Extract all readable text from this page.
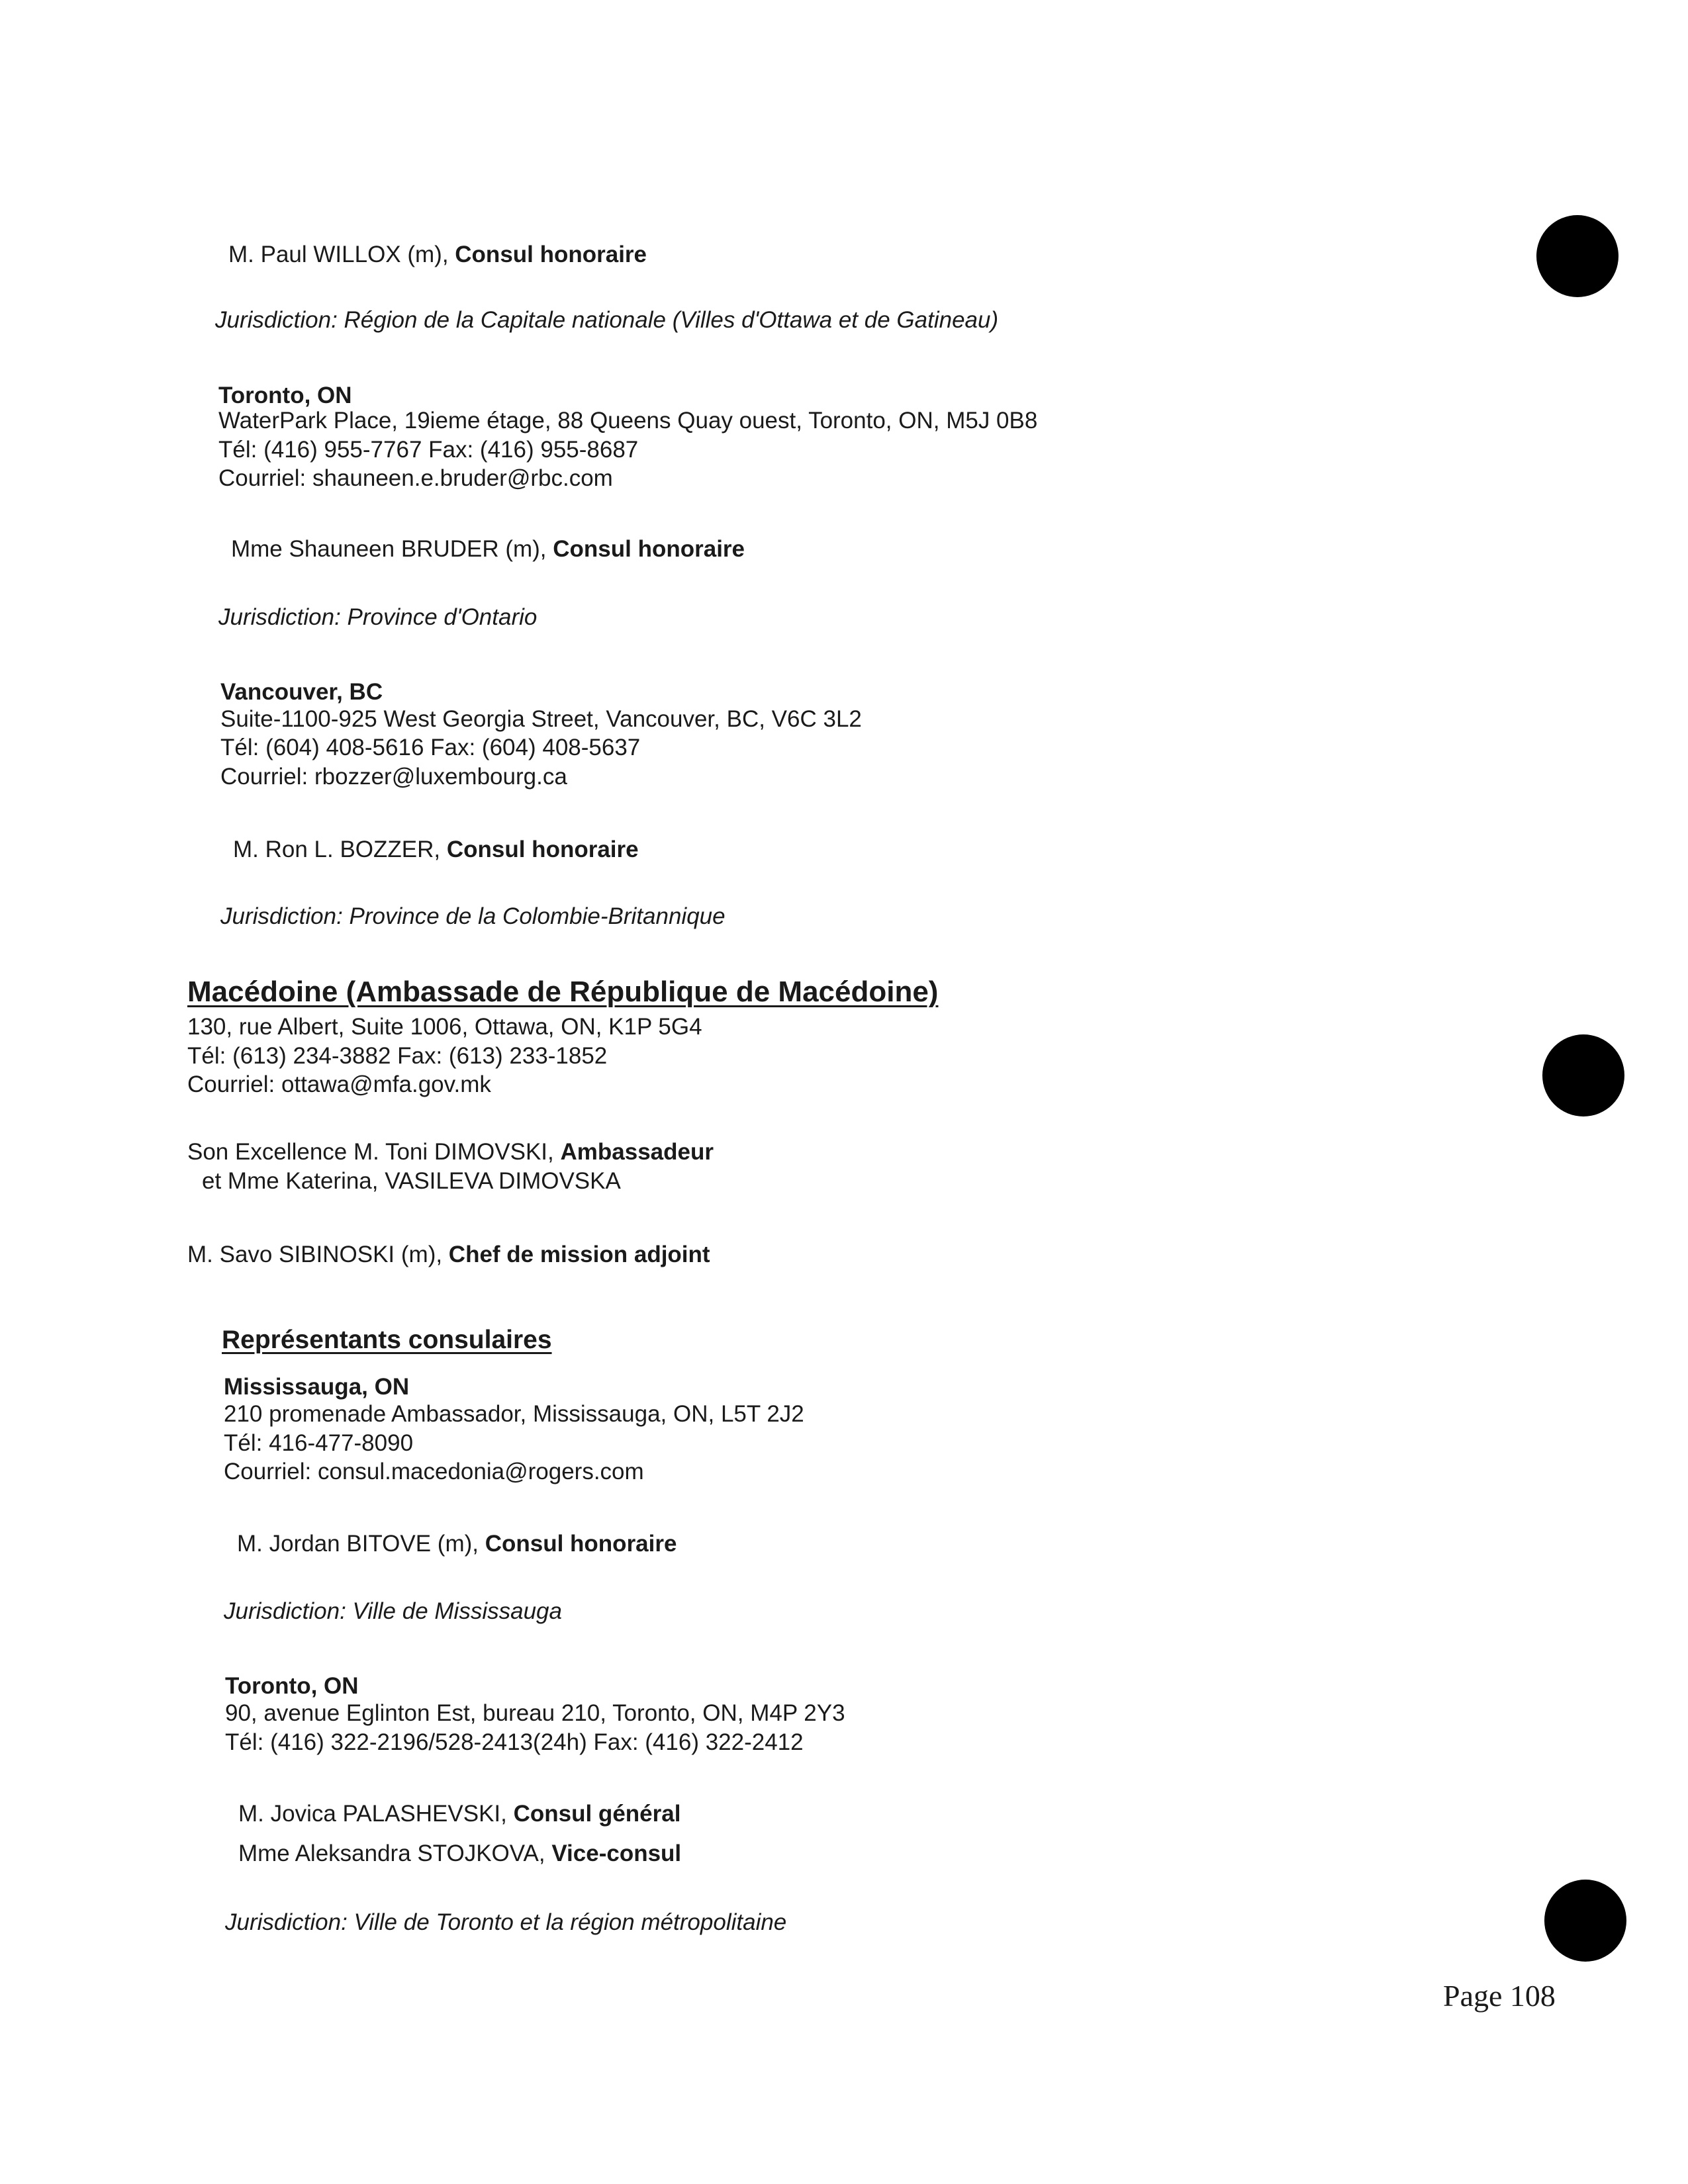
M. Paul WILLOX (m), Consul honoraire
Jurisdiction: Région de la Capitale nationale (Villes d'Ottawa et de Gatineau)
Toronto, ON
WaterPark Place, 19ieme étage, 88 Queens Quay ouest, Toronto, ON, M5J 0B8
Tél: (416) 955-7767 Fax: (416) 955-8687
Courriel: shauneen.e.bruder@rbc.com
Mme Shauneen BRUDER (m), Consul honoraire
Jurisdiction: Province d'Ontario
Vancouver, BC
Suite-1100-925 West Georgia Street, Vancouver, BC, V6C 3L2
Tél: (604) 408-5616 Fax: (604) 408-5637
Courriel: rbozzer@luxembourg.ca
M. Ron L. BOZZER, Consul honoraire
Jurisdiction: Province de la Colombie-Britannique
Macédoine (Ambassade de République de Macédoine)
130, rue Albert, Suite 1006, Ottawa, ON, K1P 5G4
Tél: (613) 234-3882 Fax: (613) 233-1852
Courriel: ottawa@mfa.gov.mk
Son Excellence M. Toni DIMOVSKI, Ambassadeur
et Mme Katerina, VASILEVA DIMOVSKA
M. Savo SIBINOSKI (m), Chef de mission adjoint
Représentants consulaires
Mississauga, ON
210 promenade Ambassador, Mississauga, ON, L5T 2J2
Tél: 416-477-8090
Courriel: consul.macedonia@rogers.com
M. Jordan BITOVE (m), Consul honoraire
Jurisdiction: Ville de Mississauga
Toronto, ON
90, avenue Eglinton Est, bureau 210, Toronto, ON, M4P 2Y3
Tél: (416) 322-2196/528-2413(24h) Fax: (416) 322-2412
M. Jovica PALASHEVSKI, Consul général
Mme Aleksandra STOJKOVA, Vice-consul
Jurisdiction: Ville de Toronto et la région métropolitaine
Page 108
